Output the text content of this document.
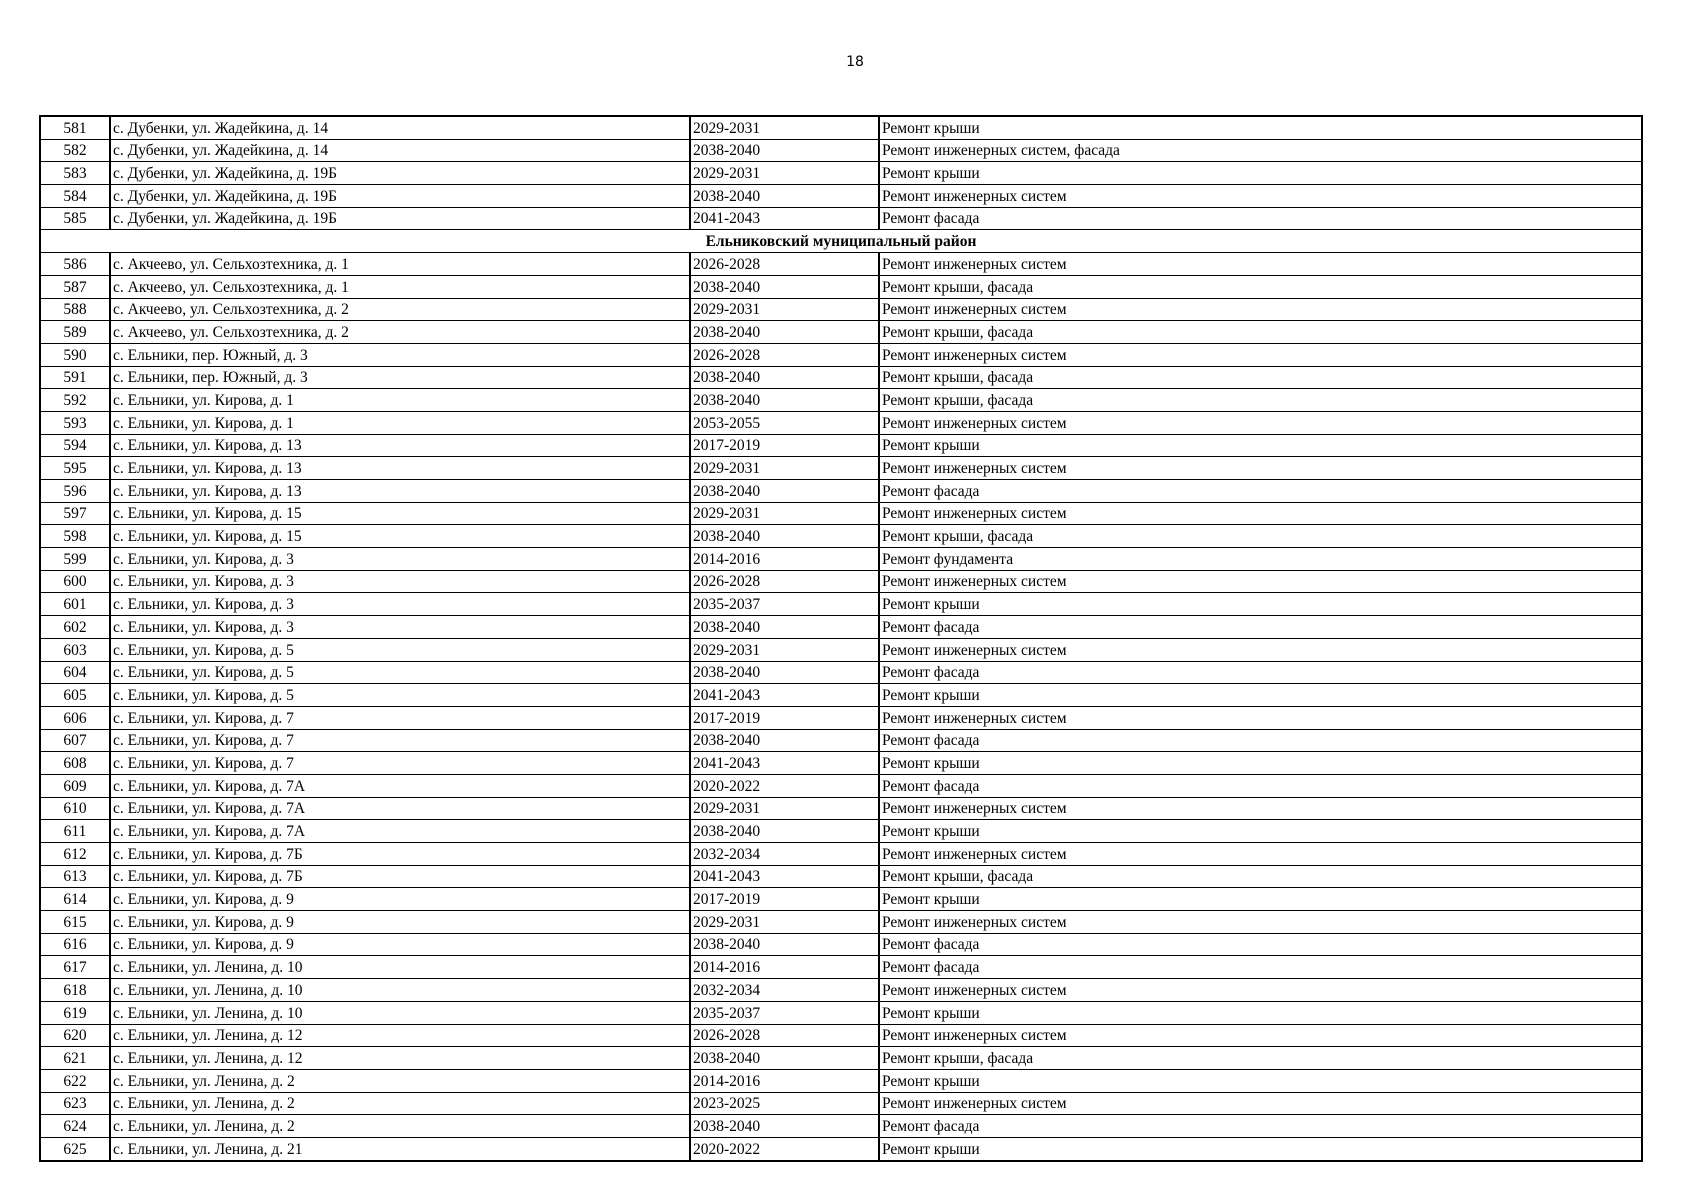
18
581	с. Дубенки, ул. Жадейкина, д. 14	2029-2031	Ремонт крыши
582	с. Дубенки, ул. Жадейкина, д. 14	2038-2040	Ремонт инженерных систем, фасада
583	с. Дубенки, ул. Жадейкина, д. 19Б	2029-2031	Ремонт крыши
584	с. Дубенки, ул. Жадейкина, д. 19Б	2038-2040	Ремонт инженерных систем
585	с. Дубенки, ул. Жадейкина, д. 19Б	2041-2043	Ремонт фасада
Ельниковский муниципальный район			
586	с. Акчеево, ул. Сельхозтехника, д. 1	2026-2028	Ремонт инженерных систем
587	с. Акчеево, ул. Сельхозтехника, д. 1	2038-2040	Ремонт крыши, фасада
588	с. Акчеево, ул. Сельхозтехника, д. 2	2029-2031	Ремонт инженерных систем
589	с. Акчеево, ул. Сельхозтехника, д. 2	2038-2040	Ремонт крыши, фасада
590	с. Ельники, пер. Южный, д. 3	2026-2028	Ремонт инженерных систем
591	с. Ельники, пер. Южный, д. 3	2038-2040	Ремонт крыши, фасада
592	с. Ельники, ул. Кирова, д. 1	2038-2040	Ремонт крыши, фасада
593	с. Ельники, ул. Кирова, д. 1	2053-2055	Ремонт инженерных систем
594	с. Ельники, ул. Кирова, д. 13	2017-2019	Ремонт крыши
595	с. Ельники, ул. Кирова, д. 13	2029-2031	Ремонт инженерных систем
596	с. Ельники, ул. Кирова, д. 13	2038-2040	Ремонт фасада
597	с. Ельники, ул. Кирова, д. 15	2029-2031	Ремонт инженерных систем
598	с. Ельники, ул. Кирова, д. 15	2038-2040	Ремонт крыши, фасада
599	с. Ельники, ул. Кирова, д. 3	2014-2016	Ремонт фундамента
600	с. Ельники, ул. Кирова, д. 3	2026-2028	Ремонт инженерных систем
601	с. Ельники, ул. Кирова, д. 3	2035-2037	Ремонт крыши
602	с. Ельники, ул. Кирова, д. 3	2038-2040	Ремонт фасада
603	с. Ельники, ул. Кирова, д. 5	2029-2031	Ремонт инженерных систем
604	с. Ельники, ул. Кирова, д. 5	2038-2040	Ремонт фасада
605	с. Ельники, ул. Кирова, д. 5	2041-2043	Ремонт крыши
606	с. Ельники, ул. Кирова, д. 7	2017-2019	Ремонт инженерных систем
607	с. Ельники, ул. Кирова, д. 7	2038-2040	Ремонт фасада
608	с. Ельники, ул. Кирова, д. 7	2041-2043	Ремонт крыши
609	с. Ельники, ул. Кирова, д. 7А	2020-2022	Ремонт фасада
610	с. Ельники, ул. Кирова, д. 7А	2029-2031	Ремонт инженерных систем
611	с. Ельники, ул. Кирова, д. 7А	2038-2040	Ремонт крыши
612	с. Ельники, ул. Кирова, д. 7Б	2032-2034	Ремонт инженерных систем
613	с. Ельники, ул. Кирова, д. 7Б	2041-2043	Ремонт крыши, фасада
614	с. Ельники, ул. Кирова, д. 9	2017-2019	Ремонт крыши
615	с. Ельники, ул. Кирова, д. 9	2029-2031	Ремонт инженерных систем
616	с. Ельники, ул. Кирова, д. 9	2038-2040	Ремонт фасада
617	с. Ельники, ул. Ленина, д. 10	2014-2016	Ремонт фасада
618	с. Ельники, ул. Ленина, д. 10	2032-2034	Ремонт инженерных систем
619	с. Ельники, ул. Ленина, д. 10	2035-2037	Ремонт крыши
620	с. Ельники, ул. Ленина, д. 12	2026-2028	Ремонт инженерных систем
621	с. Ельники, ул. Ленина, д. 12	2038-2040	Ремонт крыши, фасада
622	с. Ельники, ул. Ленина, д. 2	2014-2016	Ремонт крыши
623	с. Ельники, ул. Ленина, д. 2	2023-2025	Ремонт инженерных систем
624	с. Ельники, ул. Ленина, д. 2	2038-2040	Ремонт фасада
625	с. Ельники, ул. Ленина, д. 21	2020-2022	Ремонт крыши
